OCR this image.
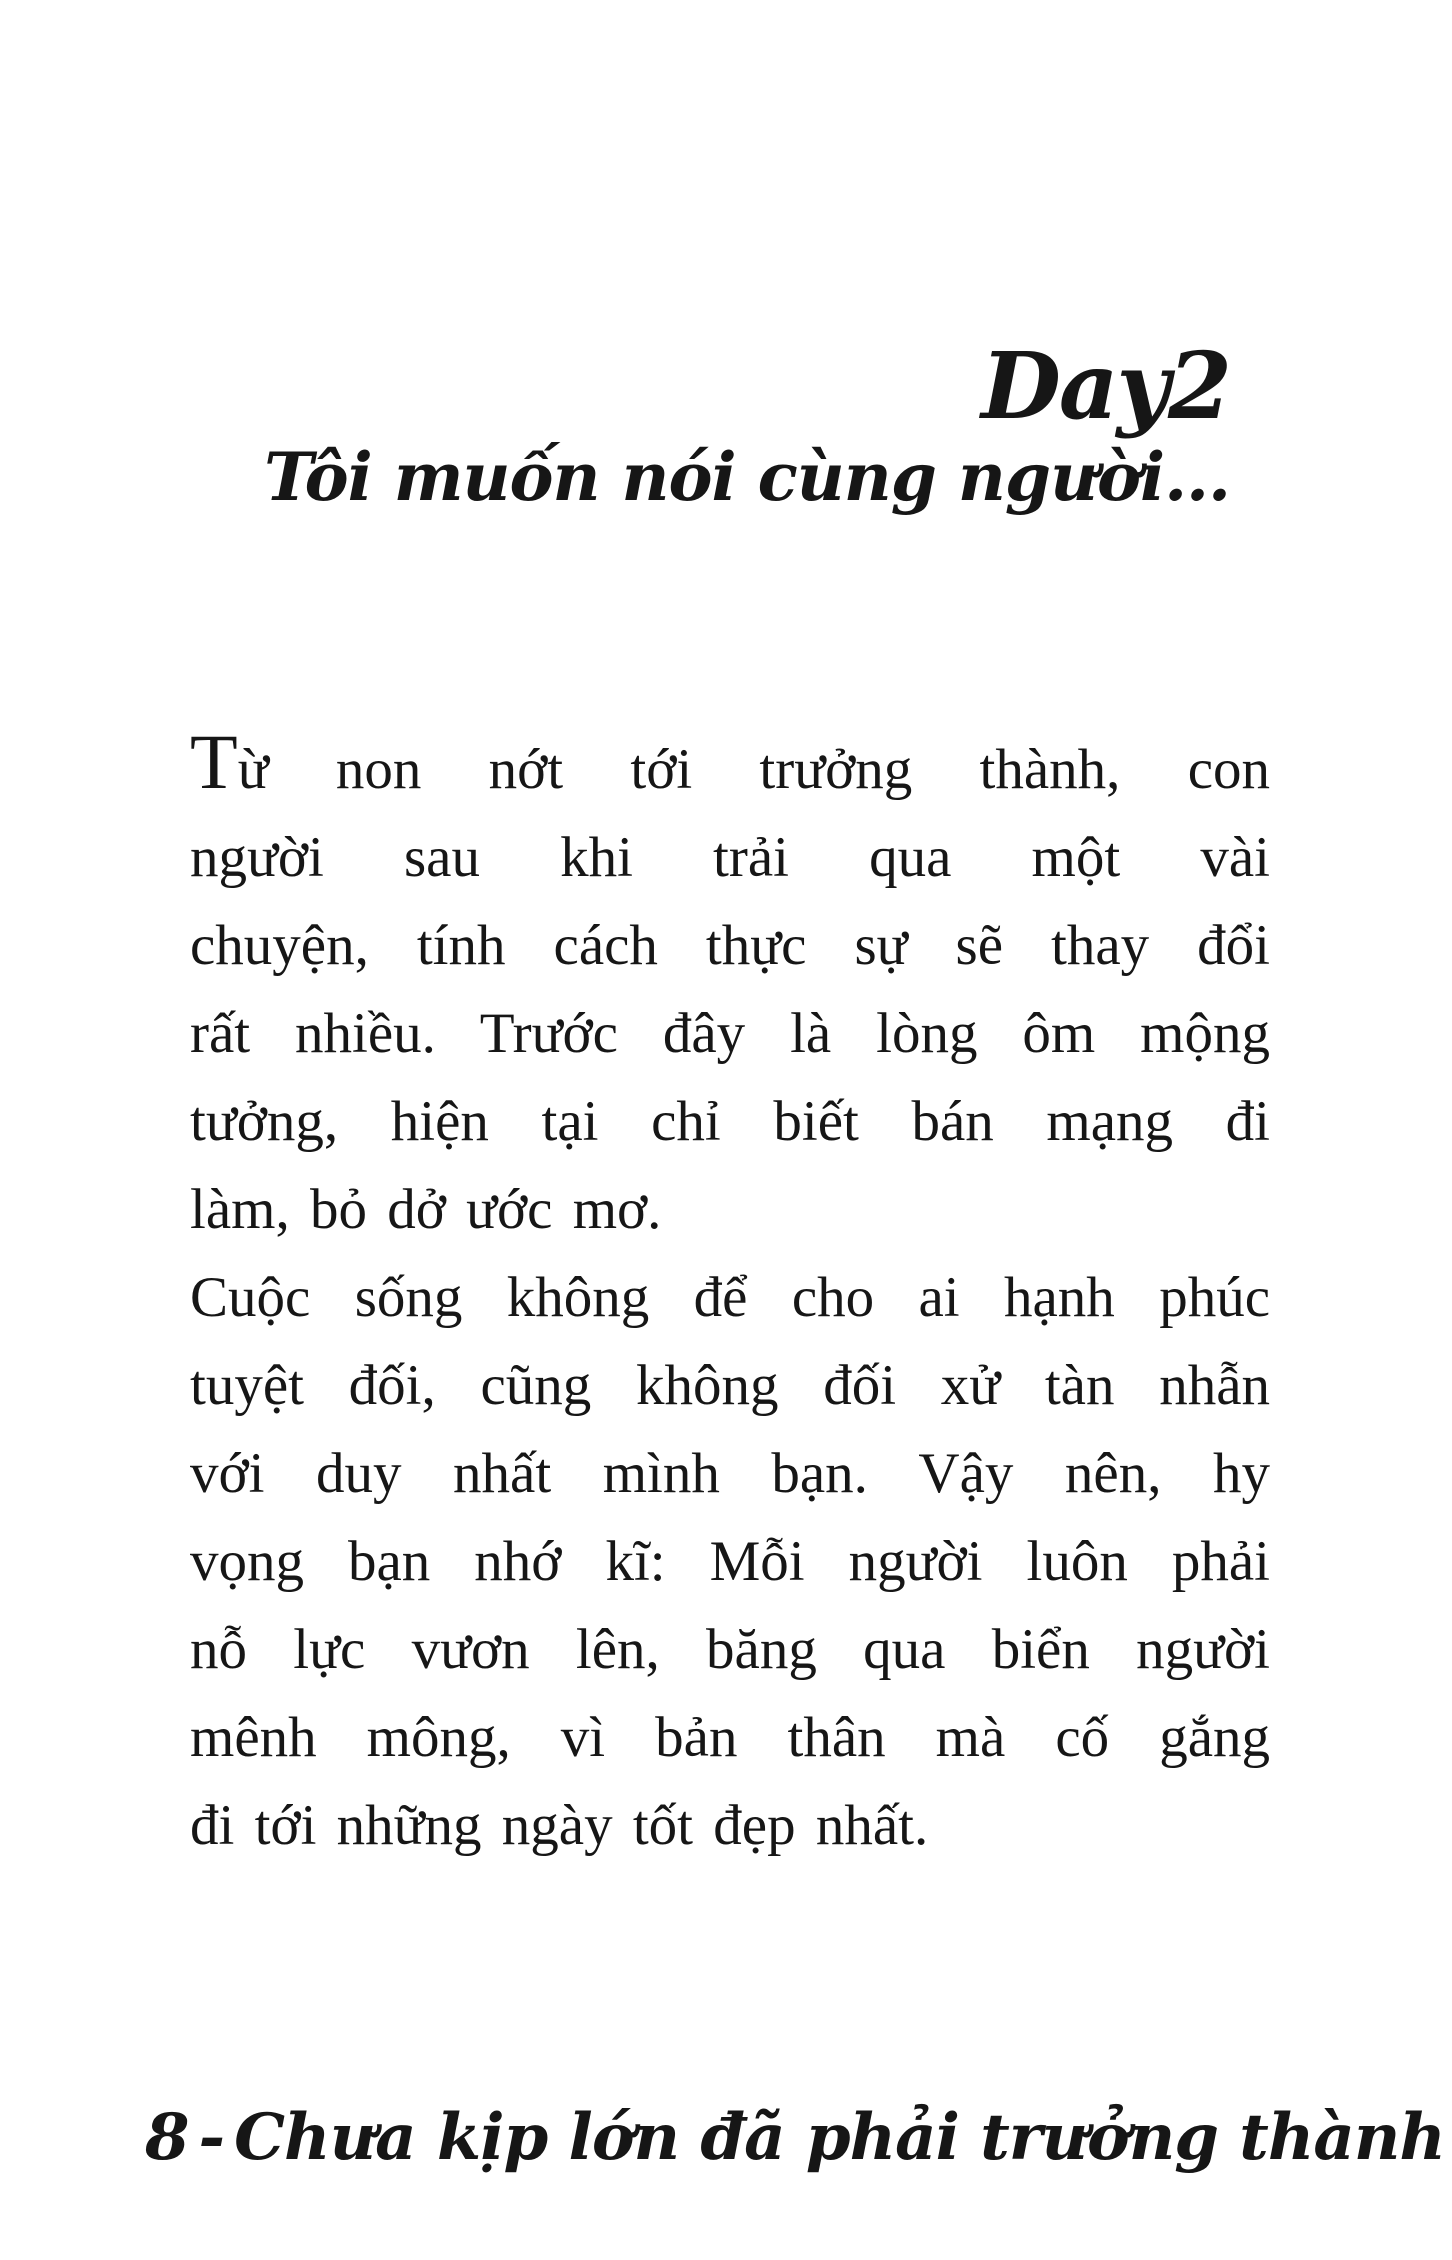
Day2
Tôi muốn nói cùng người...
Từ non nớt tới trưởng thành, con
người sau khi trải qua một vài
chuyện, tính cách thực sự sẽ thay đổi
rất nhiều. Trước đây là lòng ôm mộng
tưởng, hiện tại chỉ biết bán mạng đi
làm, bỏ dở ước mơ.
Cuộc sống không để cho ai hạnh phúc
tuyệt đối, cũng không đối xử tàn nhẫn
với duy nhất mình bạn. Vậy nên, hy
vọng bạn nhớ kĩ: Mỗi người luôn phải
nỗ lực vươn lên, băng qua biển người
mênh mông, vì bản thân mà cố gắng
đi tới những ngày tốt đẹp nhất.
8 - Chưa kịp lớn đã phải trưởng thành
